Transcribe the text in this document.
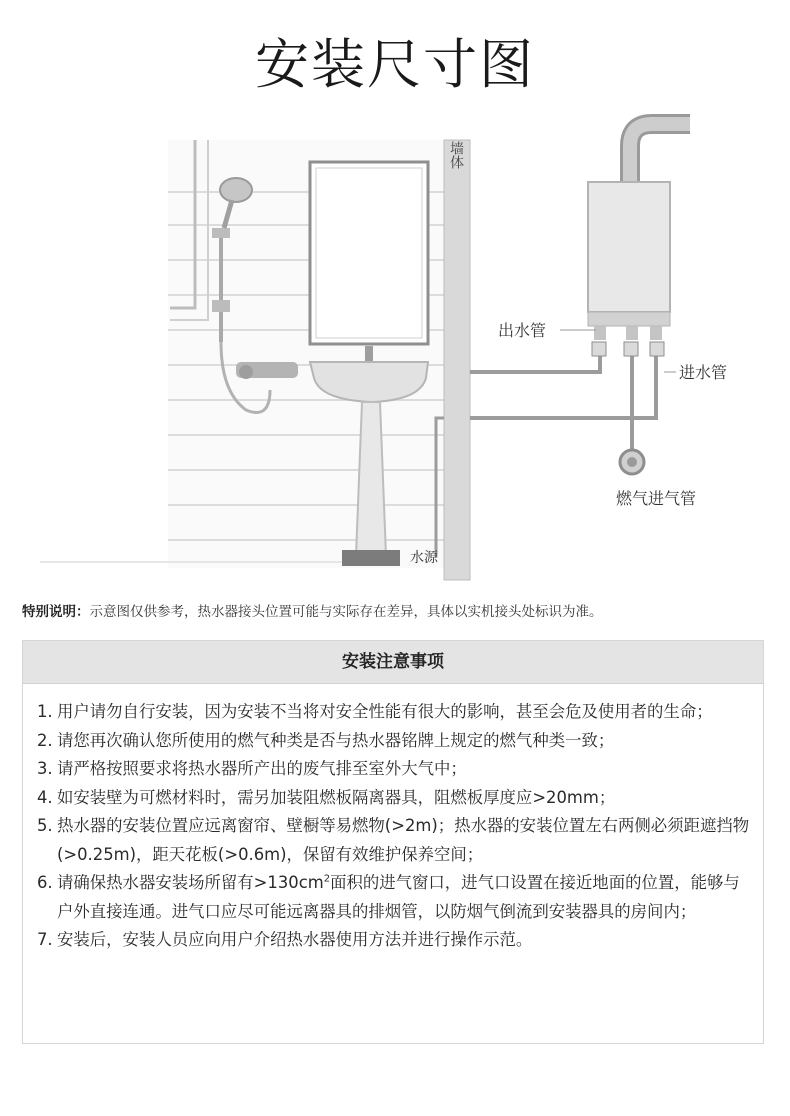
安装尺寸图
墙体
出水管
进水管
燃气进气管
水源
特别说明：示意图仅供参考，热水器接头位置可能与实际存在差异，具体以实机接头处标识为准。
安装注意事项
1. 用户请勿自行安装，因为安装不当将对安全性能有很大的影响，甚至会危及使用者的生命；
2. 请您再次确认您所使用的燃气种类是否与热水器铭牌上规定的燃气种类一致；
3. 请严格按照要求将热水器所产出的废气排至室外大气中；
4. 如安装壁为可燃材料时，需另加装阻燃板隔离器具，阻燃板厚度应>20mm；
5. 热水器的安装位置应远离窗帘、壁橱等易燃物(>2m)；热水器的安装位置左右两侧必须距遮挡物(>0.25m)，距天花板(>0.6m)，保留有效维护保养空间；
6. 请确保热水器安装场所留有$>130cm^2$面积的进气窗口，进气口设置在接近地面的位置，能够与户外直接连通。进气口应尽可能远离器具的排烟管，以防烟气倒流到安装器具的房间内；
7. 安装后，安装人员应向用户介绍热水器使用方法并进行操作示范。
